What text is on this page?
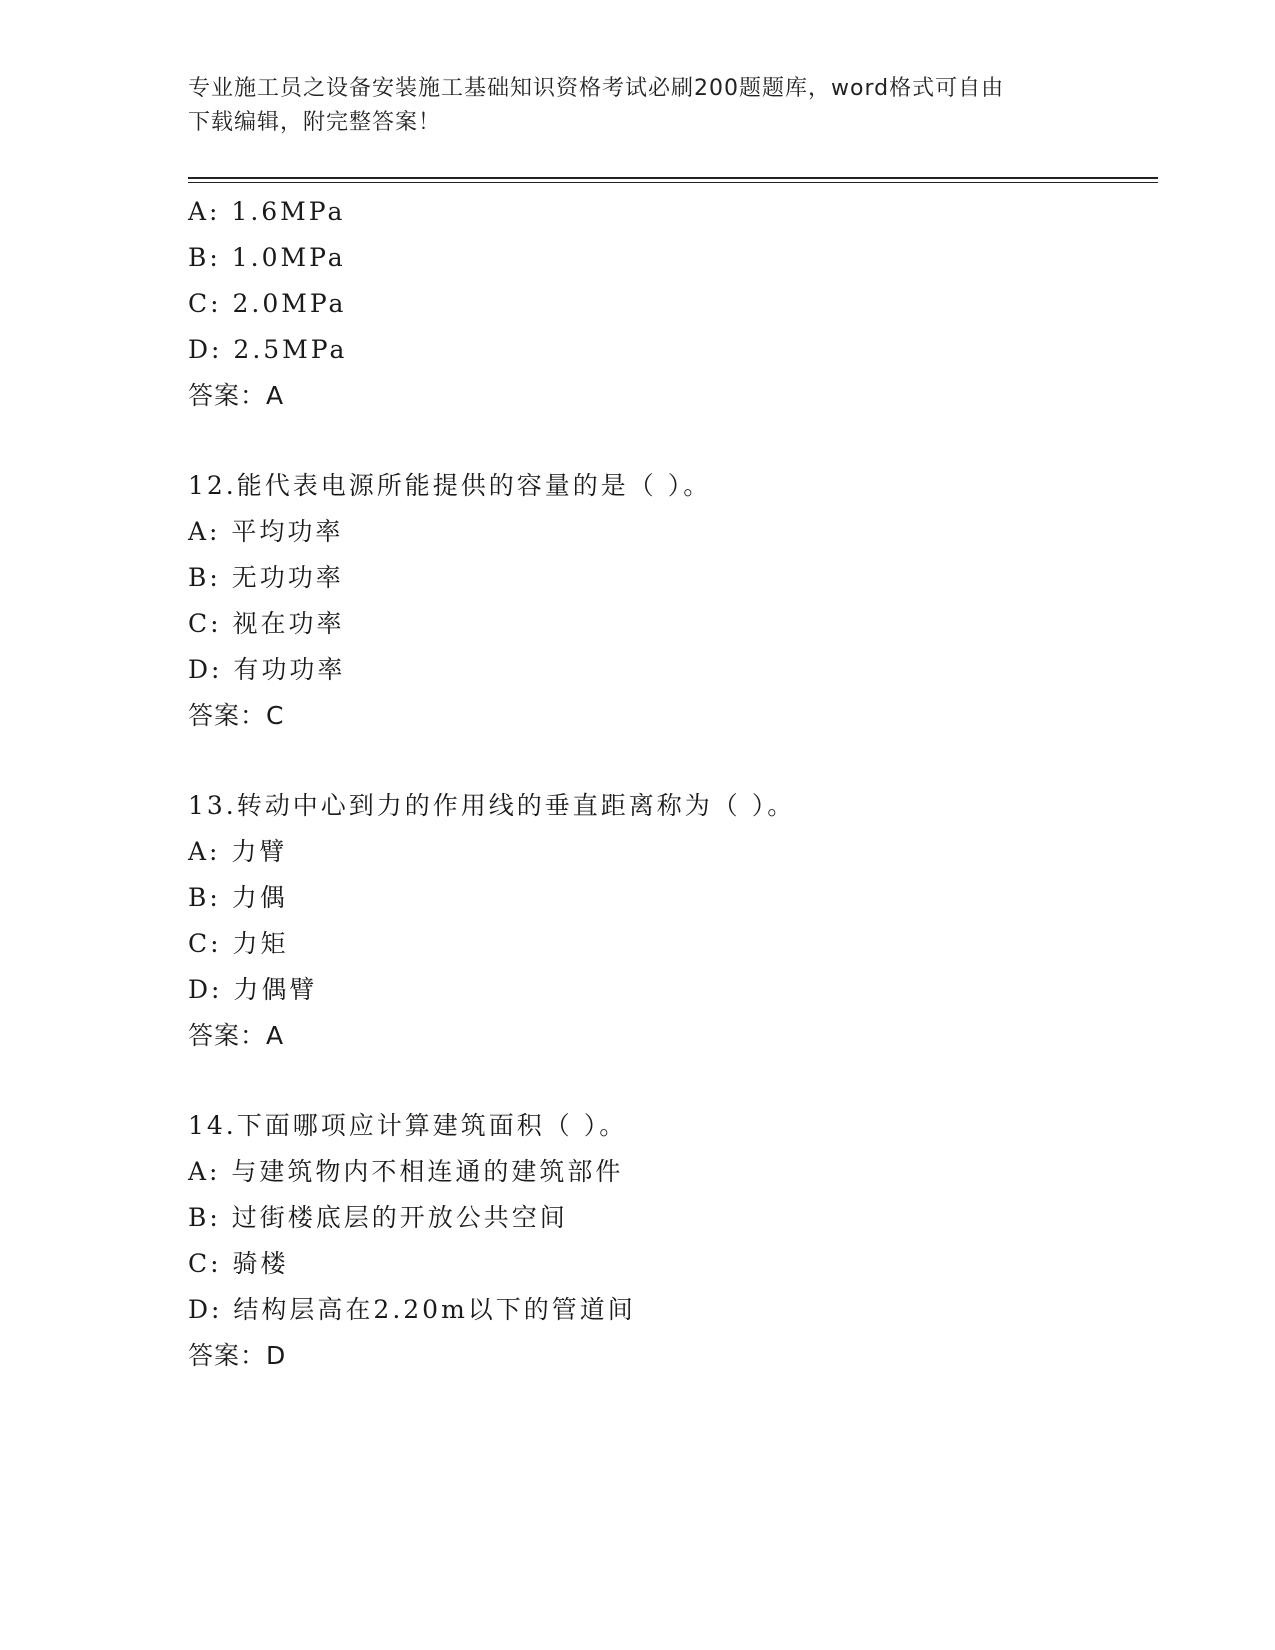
专业施工员之设备安装施工基础知识资格考试必刷200题题库，word格式可自由
下载编辑，附完整答案！
A: 1.6MPa
B: 1.0MPa
C: 2.0MPa
D: 2.5MPa
答案：A
12.能代表电源所能提供的容量的是（ ）。
A: 平均功率
B: 无功功率
C: 视在功率
D: 有功功率
答案：C
13.转动中心到力的作用线的垂直距离称为（ ）。
A: 力臂
B: 力偶
C: 力矩
D: 力偶臂
答案：A
14.下面哪项应计算建筑面积（ ）。
A: 与建筑物内不相连通的建筑部件
B: 过街楼底层的开放公共空间
C: 骑楼
D: 结构层高在2.20m以下的管道间
答案：D
